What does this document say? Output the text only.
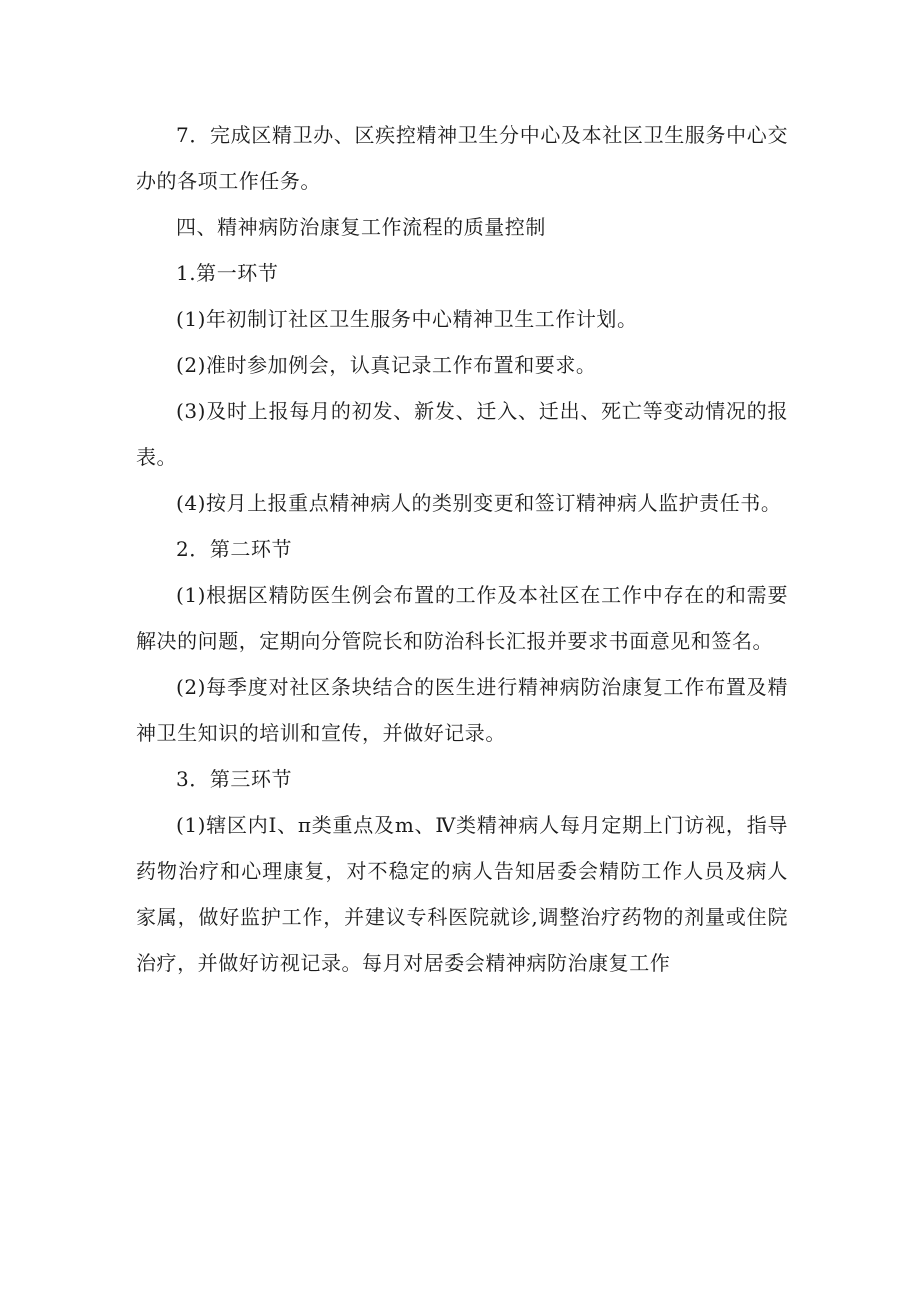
7．完成区精卫办、区疾控精神卫生分中心及本社区卫生服务中心交办的各项工作任务。

四、精神病防治康复工作流程的质量控制

1.第一环节

(1)年初制订社区卫生服务中心精神卫生工作计划。

(2)准时参加例会，认真记录工作布置和要求。

(3)及时上报每月的初发、新发、迁入、迁出、死亡等变动情况的报表。

(4)按月上报重点精神病人的类别变更和签订精神病人监护责任书。

2．第二环节

(1)根据区精防医生例会布置的工作及本社区在工作中存在的和需要解决的问题，定期向分管院长和防治科长汇报并要求书面意见和签名。

(2)每季度对社区条块结合的医生进行精神病防治康复工作布置及精神卫生知识的培训和宣传，并做好记录。

3．第三环节

(1)辖区内Ⅰ、π类重点及m、Ⅳ类精神病人每月定期上门访视，指导药物治疗和心理康复，对不稳定的病人告知居委会精防工作人员及病人家属，做好监护工作，并建议专科医院就诊,调整治疗药物的剂量或住院治疗，并做好访视记录。每月对居委会精神病防治康复工作
